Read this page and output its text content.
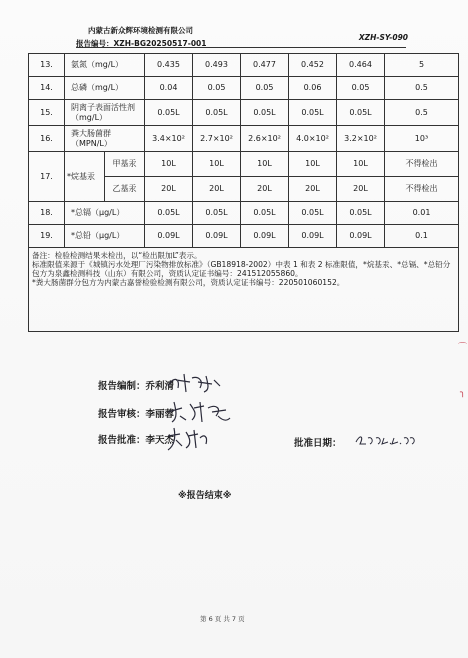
内蒙古新众辉环境检测有限公司
XZH-SY-090
报告编号：XZH-BG20250517-001
13.	氨氮（mg/L）		0.435	0.493	0.477	0.452	0.464	5
14.	总磷（mg/L）		0.04	0.05	0.05	0.06	0.05	0.5
15.	阴离子表面活性剂（mg/L）		0.05L	0.05L	0.05L	0.05L	0.05L	0.5
16.	粪大肠菌群（MPN/L）		3.4×10²	2.7×10²	2.6×10²	4.0×10²	3.2×10²	10³
17.	*烷基汞	甲基汞	10L	10L	10L	10L	10L	不得检出
		乙基汞	20L	20L	20L	20L	20L	不得检出
18.	*总镉（μg/L）		0.05L	0.05L	0.05L	0.05L	0.05L	0.01
19.	*总铅（μg/L）		0.09L	0.09L	0.09L	0.09L	0.09L	0.1

备注：检验检测结果未检出，以“检出限加L”表示。

标准限值来源于《城镇污水处理厂污染物排放标准》（GB18918-2002）中表 1 和表 2 标准限值，*烷基汞、*总镉、*总铅分包方为泉鑫检测科技（山东）有限公司，资质认定证书编号：241512055860。

*粪大肠菌群分包方为内蒙古嘉誉检验检测有限公司，资质认定证书编号：220501060152。								

报告编制：乔利清
乔利清
报告审核：李丽蓉
李丽蓉
报告批准：李天杰
李天杰
批准日期：
2025.5.20
※报告结束※
⌒
╮
第 6 页 共 7 页
